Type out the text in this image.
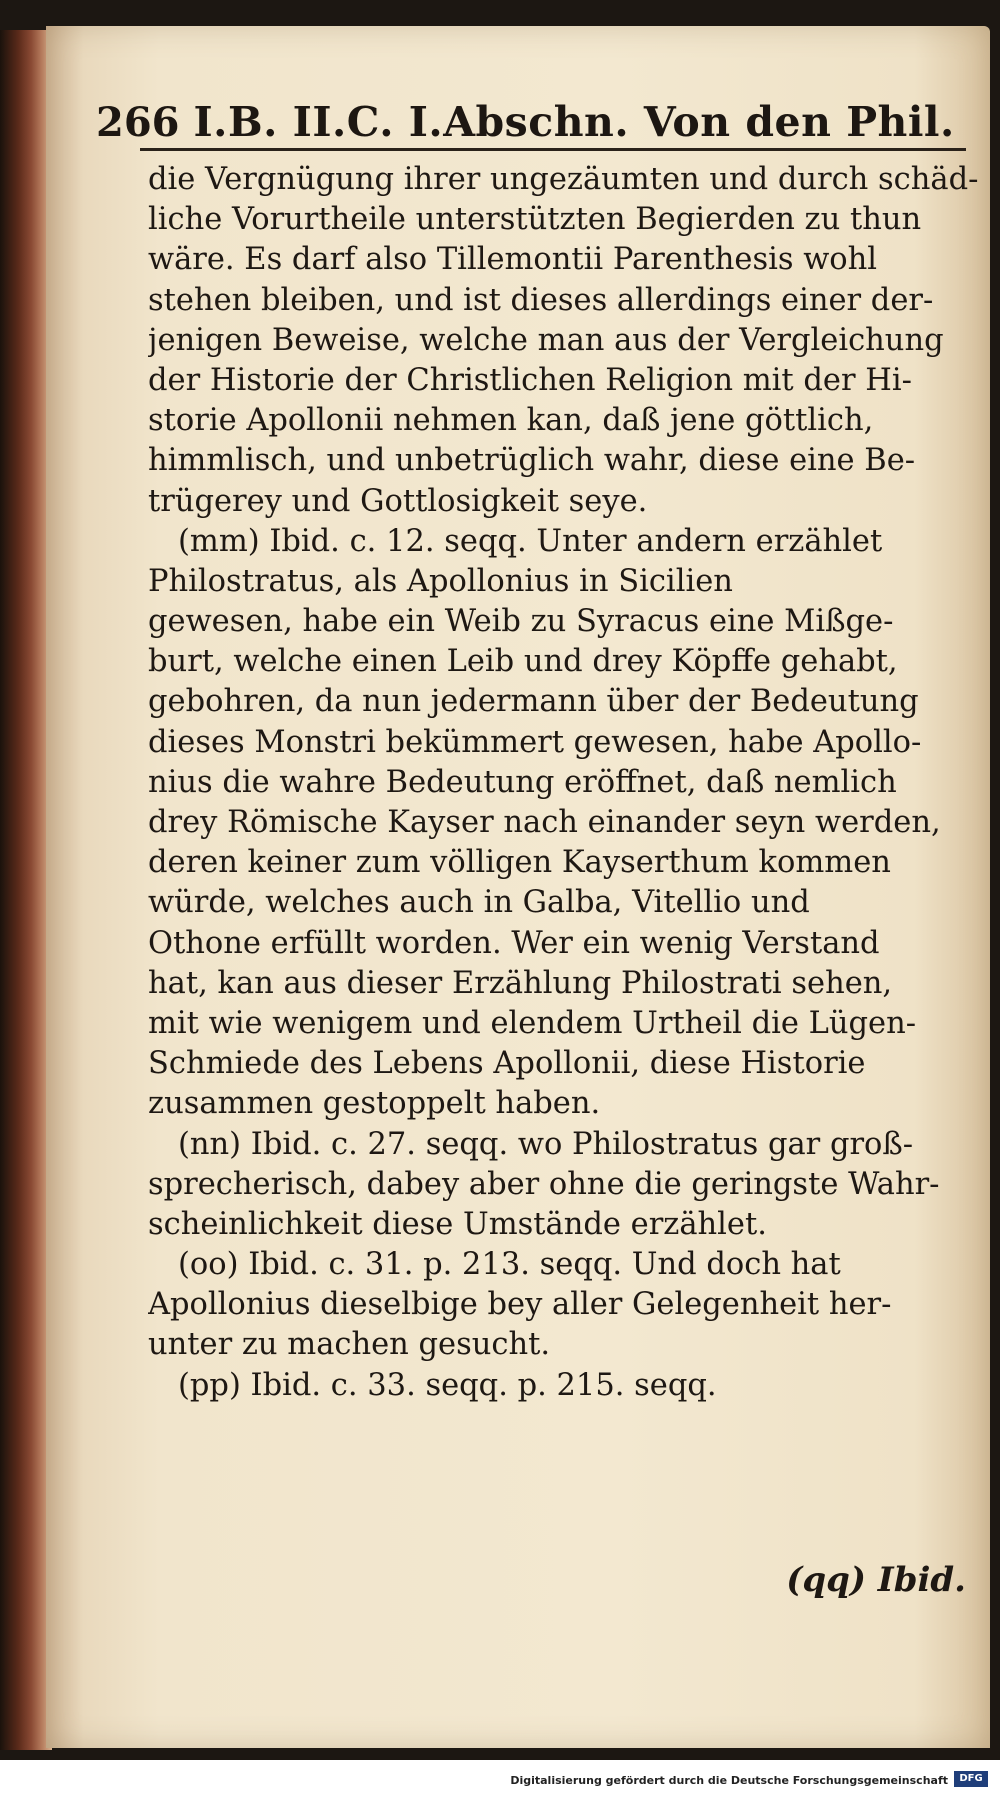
266 I.B. II.C. I.Abschn. Von den Phil.
die Vergnügung ihrer ungezäumten und durch schäd-
liche Vorurtheile unterstützten Begierden zu thun
wäre. Es darf also Tillemontii Parenthesis wohl
stehen bleiben, und ist dieses allerdings einer der-
jenigen Beweise, welche man aus der Vergleichung
der Historie der Christlichen Religion mit der Hi-
storie Apollonii nehmen kan, daß jene göttlich,
himmlisch, und unbetrüglich wahr, diese eine Be-
trügerey und Gottlosigkeit seye.
(mm) Ibid. c. 12. seqq. Unter andern erzählet
Philostratus, als Apollonius in Sicilien
gewesen, habe ein Weib zu Syracus eine Mißge-
burt, welche einen Leib und drey Köpffe gehabt,
gebohren, da nun jedermann über der Bedeutung
dieses Monstri bekümmert gewesen, habe Apollo-
nius die wahre Bedeutung eröffnet, daß nemlich
drey Römische Kayser nach einander seyn werden,
deren keiner zum völligen Kayserthum kommen
würde, welches auch in Galba, Vitellio und
Othone erfüllt worden. Wer ein wenig Verstand
hat, kan aus dieser Erzählung Philostrati sehen,
mit wie wenigem und elendem Urtheil die Lügen-
Schmiede des Lebens Apollonii, diese Historie
zusammen gestoppelt haben.
(nn) Ibid. c. 27. seqq. wo Philostratus gar groß-
sprecherisch, dabey aber ohne die geringste Wahr-
scheinlichkeit diese Umstände erzählet.
(oo) Ibid. c. 31. p. 213. seqq. Und doch hat
Apollonius dieselbige bey aller Gelegenheit her-
unter zu machen gesucht.
(pp) Ibid. c. 33. seqq. p. 215. seqq.
(qq) Ibid.
Digitalisierung gefördert durch die Deutsche Forschungsgemeinschaft	DFG
